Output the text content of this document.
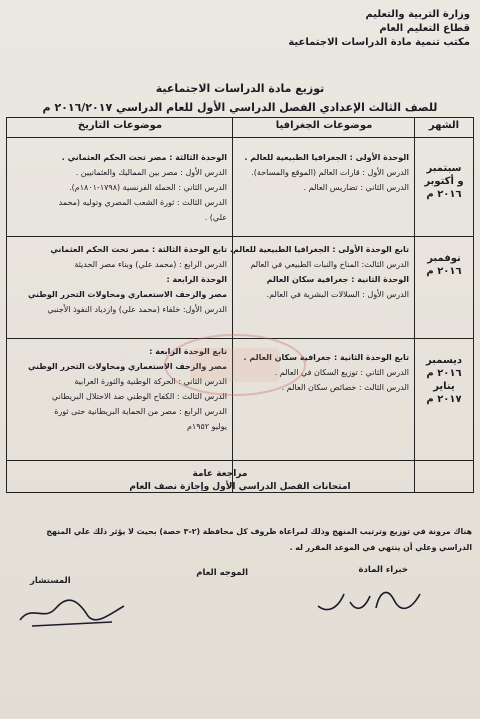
وزارة التربية والتعليم
قطاع التعليم العام
مكتب تنمية مادة الدراسات الاجتماعية
توزيع مادة الدراسات الاجتماعية
للصف الثالث الإعدادي الفصل الدراسي الأول للعام الدراسي ٢٠١٦/٢٠١٧ م
الشهر
موضوعات الجغرافيا
موضوعات التاريخ
سبتمبر
و أكتوبر
٢٠١٦ م
الوحدة الأولى : الجغرافيا الطبيعية للعالم .
الدرس الأول : قارات العالم (الموقع والمساحة).
الدرس الثاني : تضاريس العالم .
الوحدة الثالثة : مصر تحت الحكم العثماني .
الدرس الأول : مصر بين المماليك والعثمانيين .
الدرس الثاني : الحملة الفرنسية (١٧٩٨-١٨٠١م).
الدرس الثالث : ثورة الشعب المصري وتوليه (محمد
علي) .
نوفمبر
٢٠١٦ م
تابع الوحدة الأولى : الجغرافيا الطبيعية للعالم.
الدرس الثالث: المناخ والنبات الطبيعي في العالم
الوحدة الثانية : جغرافية سكان العالم
الدرس الأول : السلالات البشرية في العالم.
تابع الوحدة الثالثة : مصر تحت الحكم العثماني
الدرس الرابع : (محمد علي) وبناء مصر الحديثة
الوحدة الرابعة :
مصر والزحف الاستعماري ومحاولات التحرر الوطني
الدرس الأول: خلفاء (محمد علي) وازدياد النفوذ الأجنبي
ديسمبر
٢٠١٦ م
يناير
٢٠١٧ م
تابع الوحدة الثانية : جغرافية سكان العالم .
الدرس الثاني : توزيع السكان في العالم .
الدرس الثالث : خصائص سكان العالم .
تابع الوحدة الرابعة :
مصر والزحف الاستعماري ومحاولات التحرر الوطني
الدرس الثاني : الحركة الوطنية والثورة العرابية
الدرس الثالث : الكفاح الوطني ضد الاحتلال البريطاني
الدرس الرابع : مصر من الحماية البريطانية حتى ثورة
يوليو ١٩٥٢م
مراجعة عامة
امتحانات الفصل الدراسي الأول وإجازة نصف العام
هناك مرونة في توزيع وترتيب المنهج وذلك لمراعاة ظروف كل محافظة (٢-٣ حصة) بحيث لا يؤثر ذلك علي المنهج
الدراسي وعلي أن ينتهي في الموعد المقرر له .
خبراء المادة
الموجه العام
المستشار
